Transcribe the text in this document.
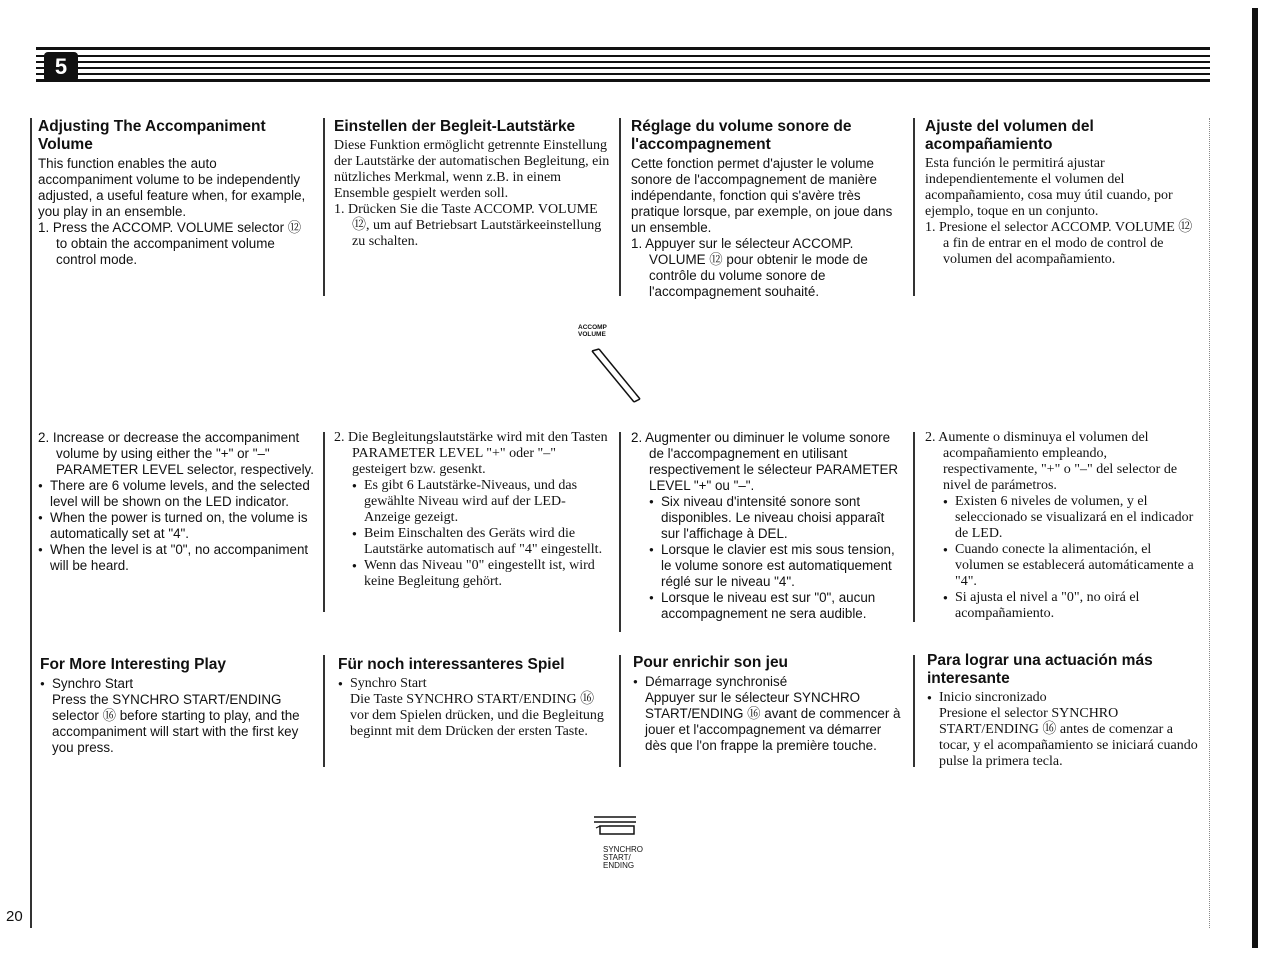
5
Adjusting The Accompaniment Volume

This function enables the auto accompaniment volume to be independently adjusted, a useful feature when, for example, you play in an ensemble.

1. Press the ACCOMP. VOLUME selector ⑫ to obtain the accompaniment volume control mode.

2. Increase or decrease the accompaniment volume by using either the "+" or "–" PARAMETER LEVEL selector, respectively.

● There are 6 volume levels, and the selected level will be shown on the LED indicator.

● When the power is turned on, the volume is automatically set at "4".

● When the level is at "0", no accompaniment will be heard.

For More Interesting Play

● Synchro Start

Press the SYNCHRO START/ENDING selector ⑯ before starting to play, and the accompaniment will start with the first key you press.

Einstellen der Begleit-Lautstärke

Diese Funktion ermöglicht getrennte Einstellung der Lautstärke der automatischen Begleitung, ein nützliches Merkmal, wenn z.B. in einem Ensemble gespielt werden soll.

1. Drücken Sie die Taste ACCOMP. VOLUME ⑫, um auf Betriebsart Lautstärkeeinstellung zu schalten.

2. Die Begleitungslautstärke wird mit den Tasten PARAMETER LEVEL "+" oder "–" gesteigert bzw. gesenkt.

● Es gibt 6 Lautstärke-Niveaus, und das gewählte Niveau wird auf der LED-Anzeige gezeigt.

● Beim Einschalten des Geräts wird die Lautstärke automatisch auf "4" eingestellt.

● Wenn das Niveau "0" eingestellt ist, wird keine Begleitung gehört.

Für noch interessanteres Spiel

● Synchro Start

Die Taste SYNCHRO START/ENDING ⑯ vor dem Spielen drücken, und die Begleitung beginnt mit dem Drücken der ersten Taste.

Réglage du volume sonore de l'accompagnement

Cette fonction permet d'ajuster le volume sonore de l'accompagnement de manière indépendante, fonction qui s'avère très pratique lorsque, par exemple, on joue dans un ensemble.

1. Appuyer sur le sélecteur ACCOMP. VOLUME ⑫ pour obtenir le mode de contrôle du volume sonore de l'accompagnement souhaité.

2. Augmenter ou diminuer le volume sonore de l'accompagnement en utilisant respectivement le sélecteur PARAMETER LEVEL "+" ou "–".

● Six niveau d'intensité sonore sont disponibles. Le niveau choisi apparaît sur l'affichage à DEL.

● Lorsque le clavier est mis sous tension, le volume sonore est automatiquement réglé sur le niveau "4".

● Lorsque le niveau est sur "0", aucun accompagnement ne sera audible.

Pour enrichir son jeu

● Démarrage synchronisé

Appuyer sur le sélecteur SYNCHRO START/ENDING ⑯ avant de commencer à jouer et l'accompagnement va démarrer dès que l'on frappe la première touche.

Ajuste del volumen del acompañamiento

Esta función le permitirá ajustar independientemente el volumen del acompañamiento, cosa muy útil cuando, por ejemplo, toque en un conjunto.

1. Presione el selector ACCOMP. VOLUME ⑫ a fin de entrar en el modo de control de volumen del acompañamiento.

2. Aumente o disminuya el volumen del acompañamiento empleando, respectivamente, "+" o "–" del selector de nivel de parámetros.

● Existen 6 niveles de volumen, y el seleccionado se visualizará en el indicador de LED.

● Cuando conecte la alimentación, el volumen se establecerá automáticamente a "4".

● Si ajusta el nivel a "0", no oirá el acompañamiento.

Para lograr una actuación más interesante

● Inicio sincronizado

Presione el selector SYNCHRO START/ENDING ⑯ antes de comenzar a tocar, y el acompañamiento se iniciará cuando pulse la primera tecla.

ACCOMP
VOLUME
SYNCHRO
START/
ENDING
20
